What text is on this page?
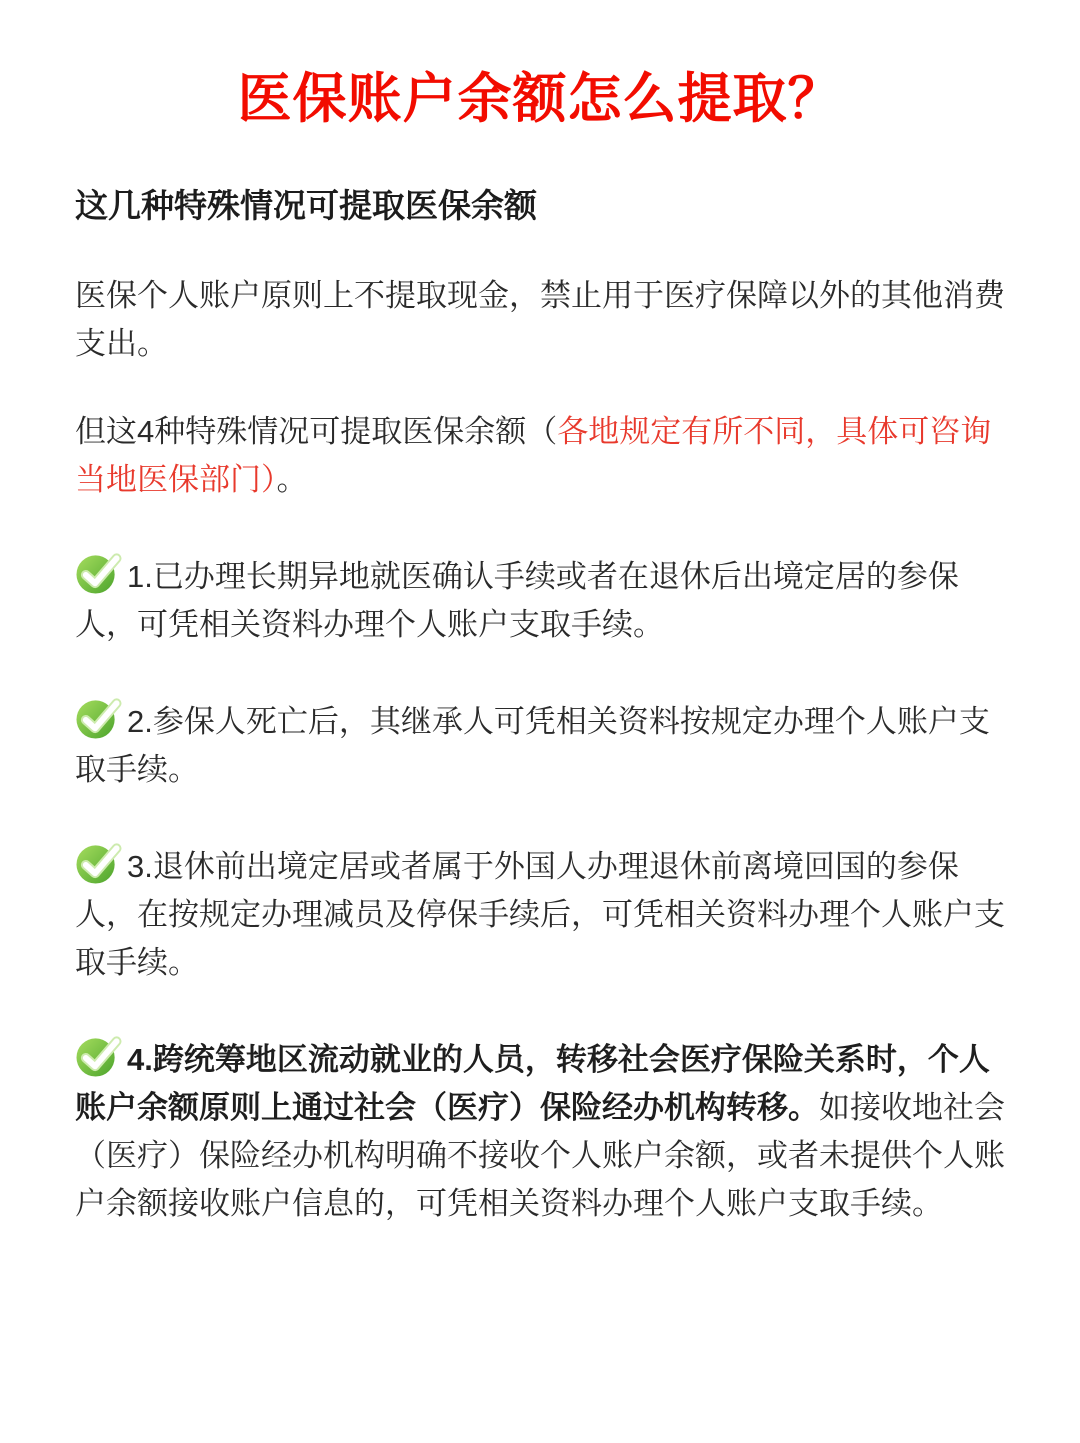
医保账户余额怎么提取？
这几种特殊情况可提取医保余额

医保个人账户原则上不提取现金，禁止用于医疗保障以外的其他消费支出。

但这4种特殊情况可提取医保余额（各地规定有所不同，具体可咨询当地医保部门）。

1.已办理长期异地就医确认手续或者在退休后出境定居的参保人，可凭相关资料办理个人账户支取手续。

2.参保人死亡后，其继承人可凭相关资料按规定办理个人账户支取手续。

3.退休前出境定居或者属于外国人办理退休前离境回国的参保人，在按规定办理减员及停保手续后，可凭相关资料办理个人账户支取手续。

4.跨统筹地区流动就业的人员，转移社会医疗保险关系时，个人账户余额原则上通过社会（医疗）保险经办机构转移。如接收地社会（医疗）保险经办机构明确不接收个人账户余额，或者未提供个人账户余额接收账户信息的，可凭相关资料办理个人账户支取手续。
